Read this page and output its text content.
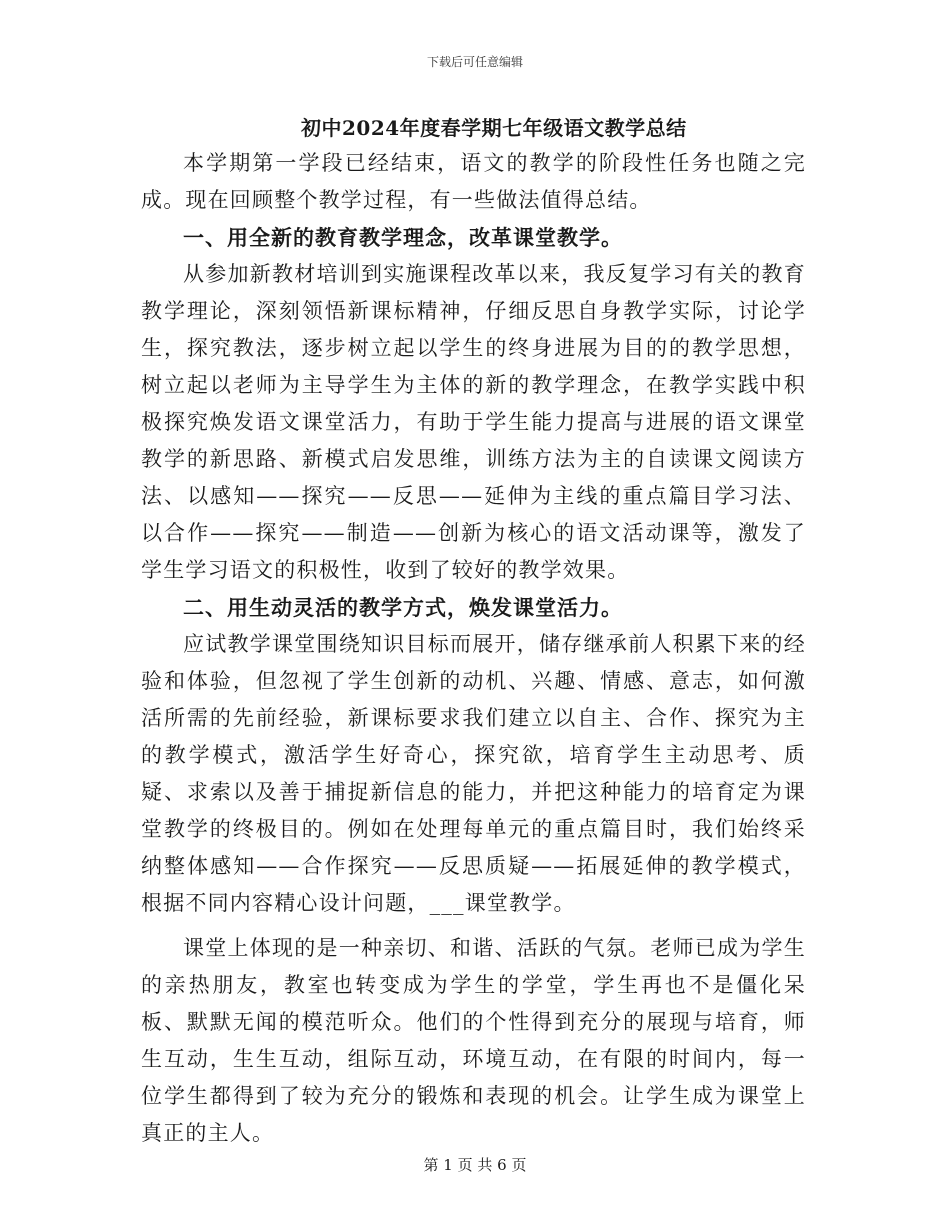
下载后可任意编辑
初中2024年度春学期七年级语文教学总结

本学期第一学段已经结束，语文的教学的阶段性任务也随之完成。现在回顾整个教学过程，有一些做法值得总结。

一、用全新的教育教学理念，改革课堂教学。

从参加新教材培训到实施课程改革以来，我反复学习有关的教育教学理论，深刻领悟新课标精神，仔细反思自身教学实际，讨论学生，探究教法，逐步树立起以学生的终身进展为目的的教学思想，树立起以老师为主导学生为主体的新的教学理念，在教学实践中积极探究焕发语文课堂活力，有助于学生能力提高与进展的语文课堂教学的新思路、新模式启发思维，训练方法为主的自读课文阅读方法、以感知——探究——反思——延伸为主线的重点篇目学习法、以合作——探究——制造——创新为核心的语文活动课等，激发了学生学习语文的积极性，收到了较好的教学效果。

二、用生动灵活的教学方式，焕发课堂活力。

应试教学课堂围绕知识目标而展开，储存继承前人积累下来的经验和体验，但忽视了学生创新的动机、兴趣、情感、意志，如何激活所需的先前经验，新课标要求我们建立以自主、合作、探究为主的教学模式，激活学生好奇心，探究欲，培育学生主动思考、质疑、求索以及善于捕捉新信息的能力，并把这种能力的培育定为课堂教学的终极目的。例如在处理每单元的重点篇目时，我们始终采纳整体感知——合作探究——反思质疑——拓展延伸的教学模式，根据不同内容精心设计问题，___课堂教学。

课堂上体现的是一种亲切、和谐、活跃的气氛。老师已成为学生的亲热朋友，教室也转变成为学生的学堂，学生再也不是僵化呆板、默默无闻的模范听众。他们的个性得到充分的展现与培育，师生互动，生生互动，组际互动，环境互动，在有限的时间内，每一位学生都得到了较为充分的锻炼和表现的机会。让学生成为课堂上真正的主人。

第 1 页 共 6 页
